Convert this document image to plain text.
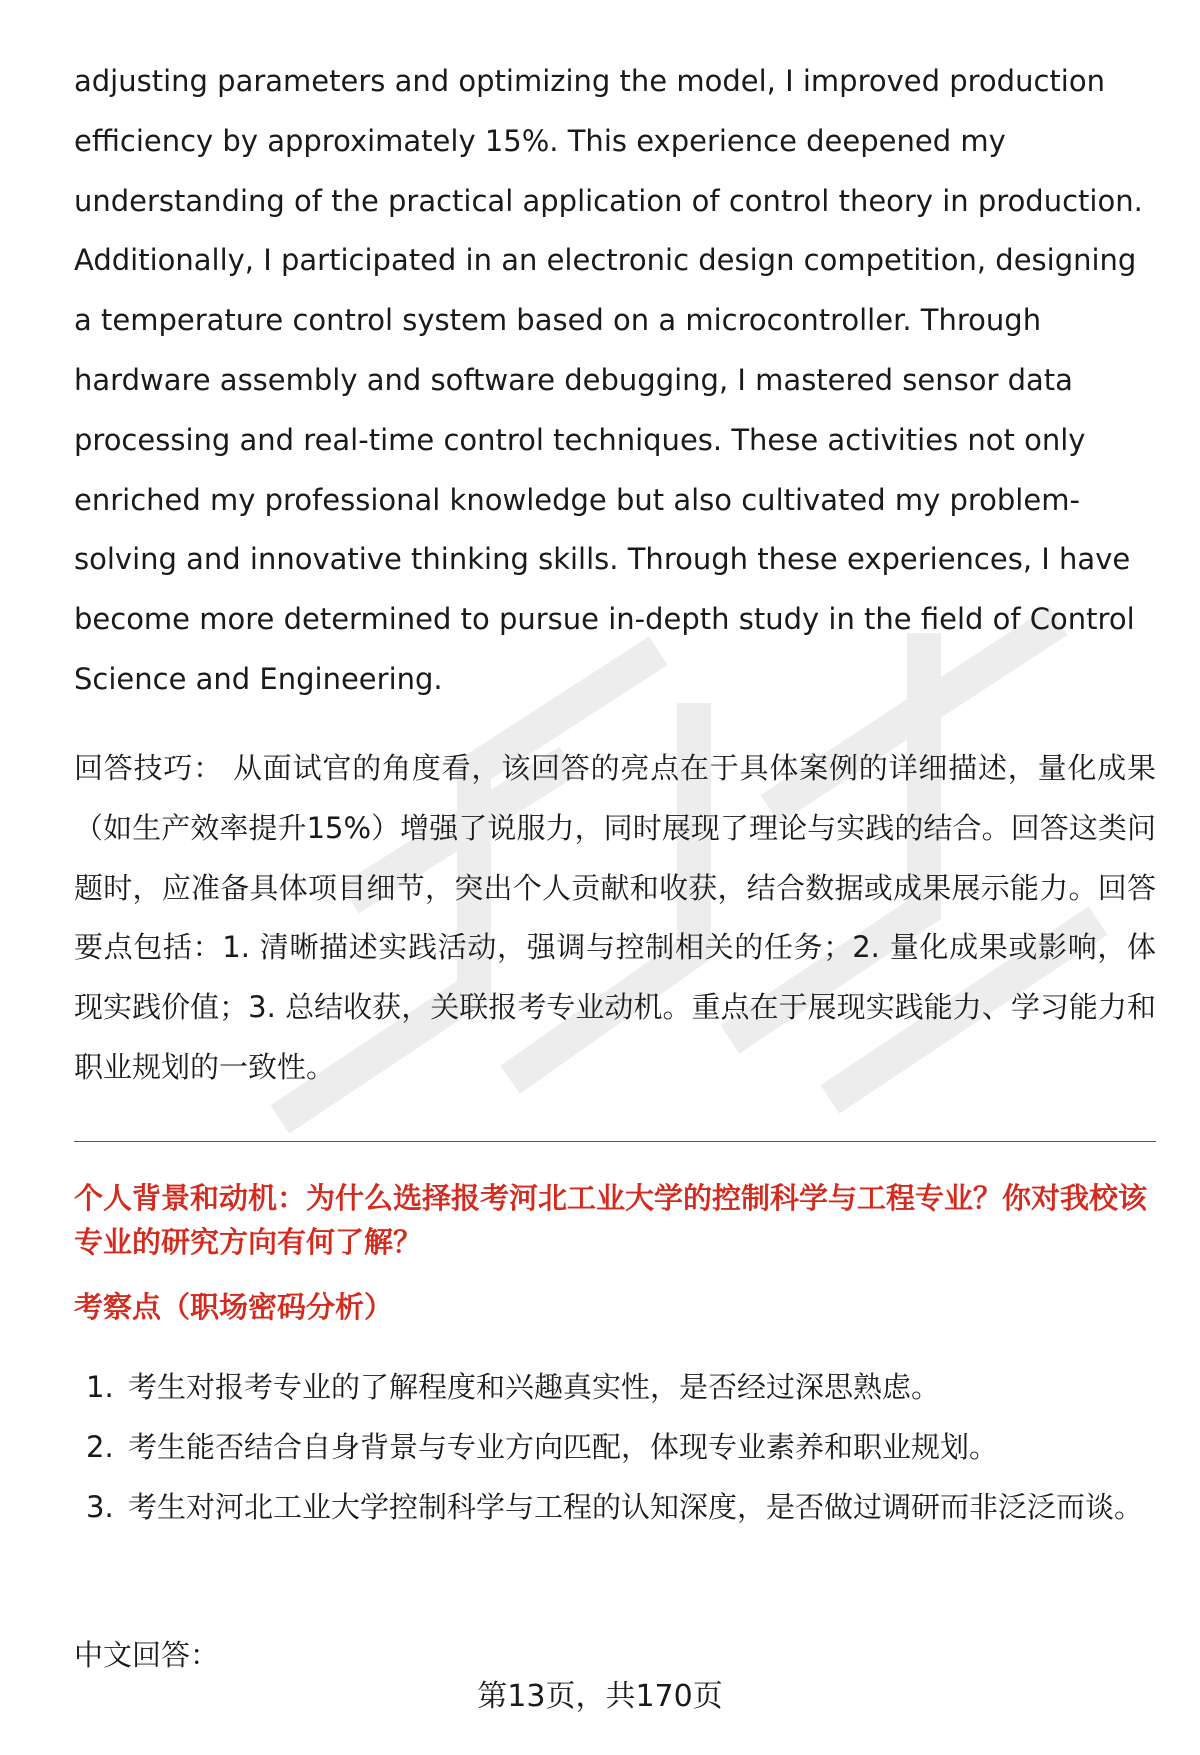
adjusting parameters and optimizing the model, I improved production efficiency by approximately 15%. This experience deepened my understanding of the practical application of control theory in production. Additionally, I participated in an electronic design competition, designing a temperature control system based on a microcontroller. Through hardware assembly and software debugging, I mastered sensor data processing and real-time control techniques. These activities not only enriched my professional knowledge but also cultivated my problem-solving and innovative thinking skills. Through these experiences, I have become more determined to pursue in-depth study in the field of Control Science and Engineering.

回答技巧： 从面试官的角度看，该回答的亮点在于具体案例的详细描述，量化成果（如生产效率提升15%）增强了说服力，同时展现了理论与实践的结合。回答这类问题时，应准备具体项目细节，突出个人贡献和收获，结合数据或成果展示能力。回答要点包括：1. 清晰描述实践活动，强调与控制相关的任务；2. 量化成果或影响，体现实践价值；3. 总结收获，关联报考专业动机。重点在于展现实践能力、学习能力和职业规划的一致性。

个人背景和动机：为什么选择报考河北工业大学的控制科学与工程专业？你对我校该专业的研究方向有何了解？

考察点（职场密码分析）

1. 考生对报考专业的了解程度和兴趣真实性，是否经过深思熟虑。
2. 考生能否结合自身背景与专业方向匹配，体现专业素养和职业规划。
3. 考生对河北工业大学控制科学与工程的认知深度，是否做过调研而非泛泛而谈。

中文回答：

第13页，共170页
